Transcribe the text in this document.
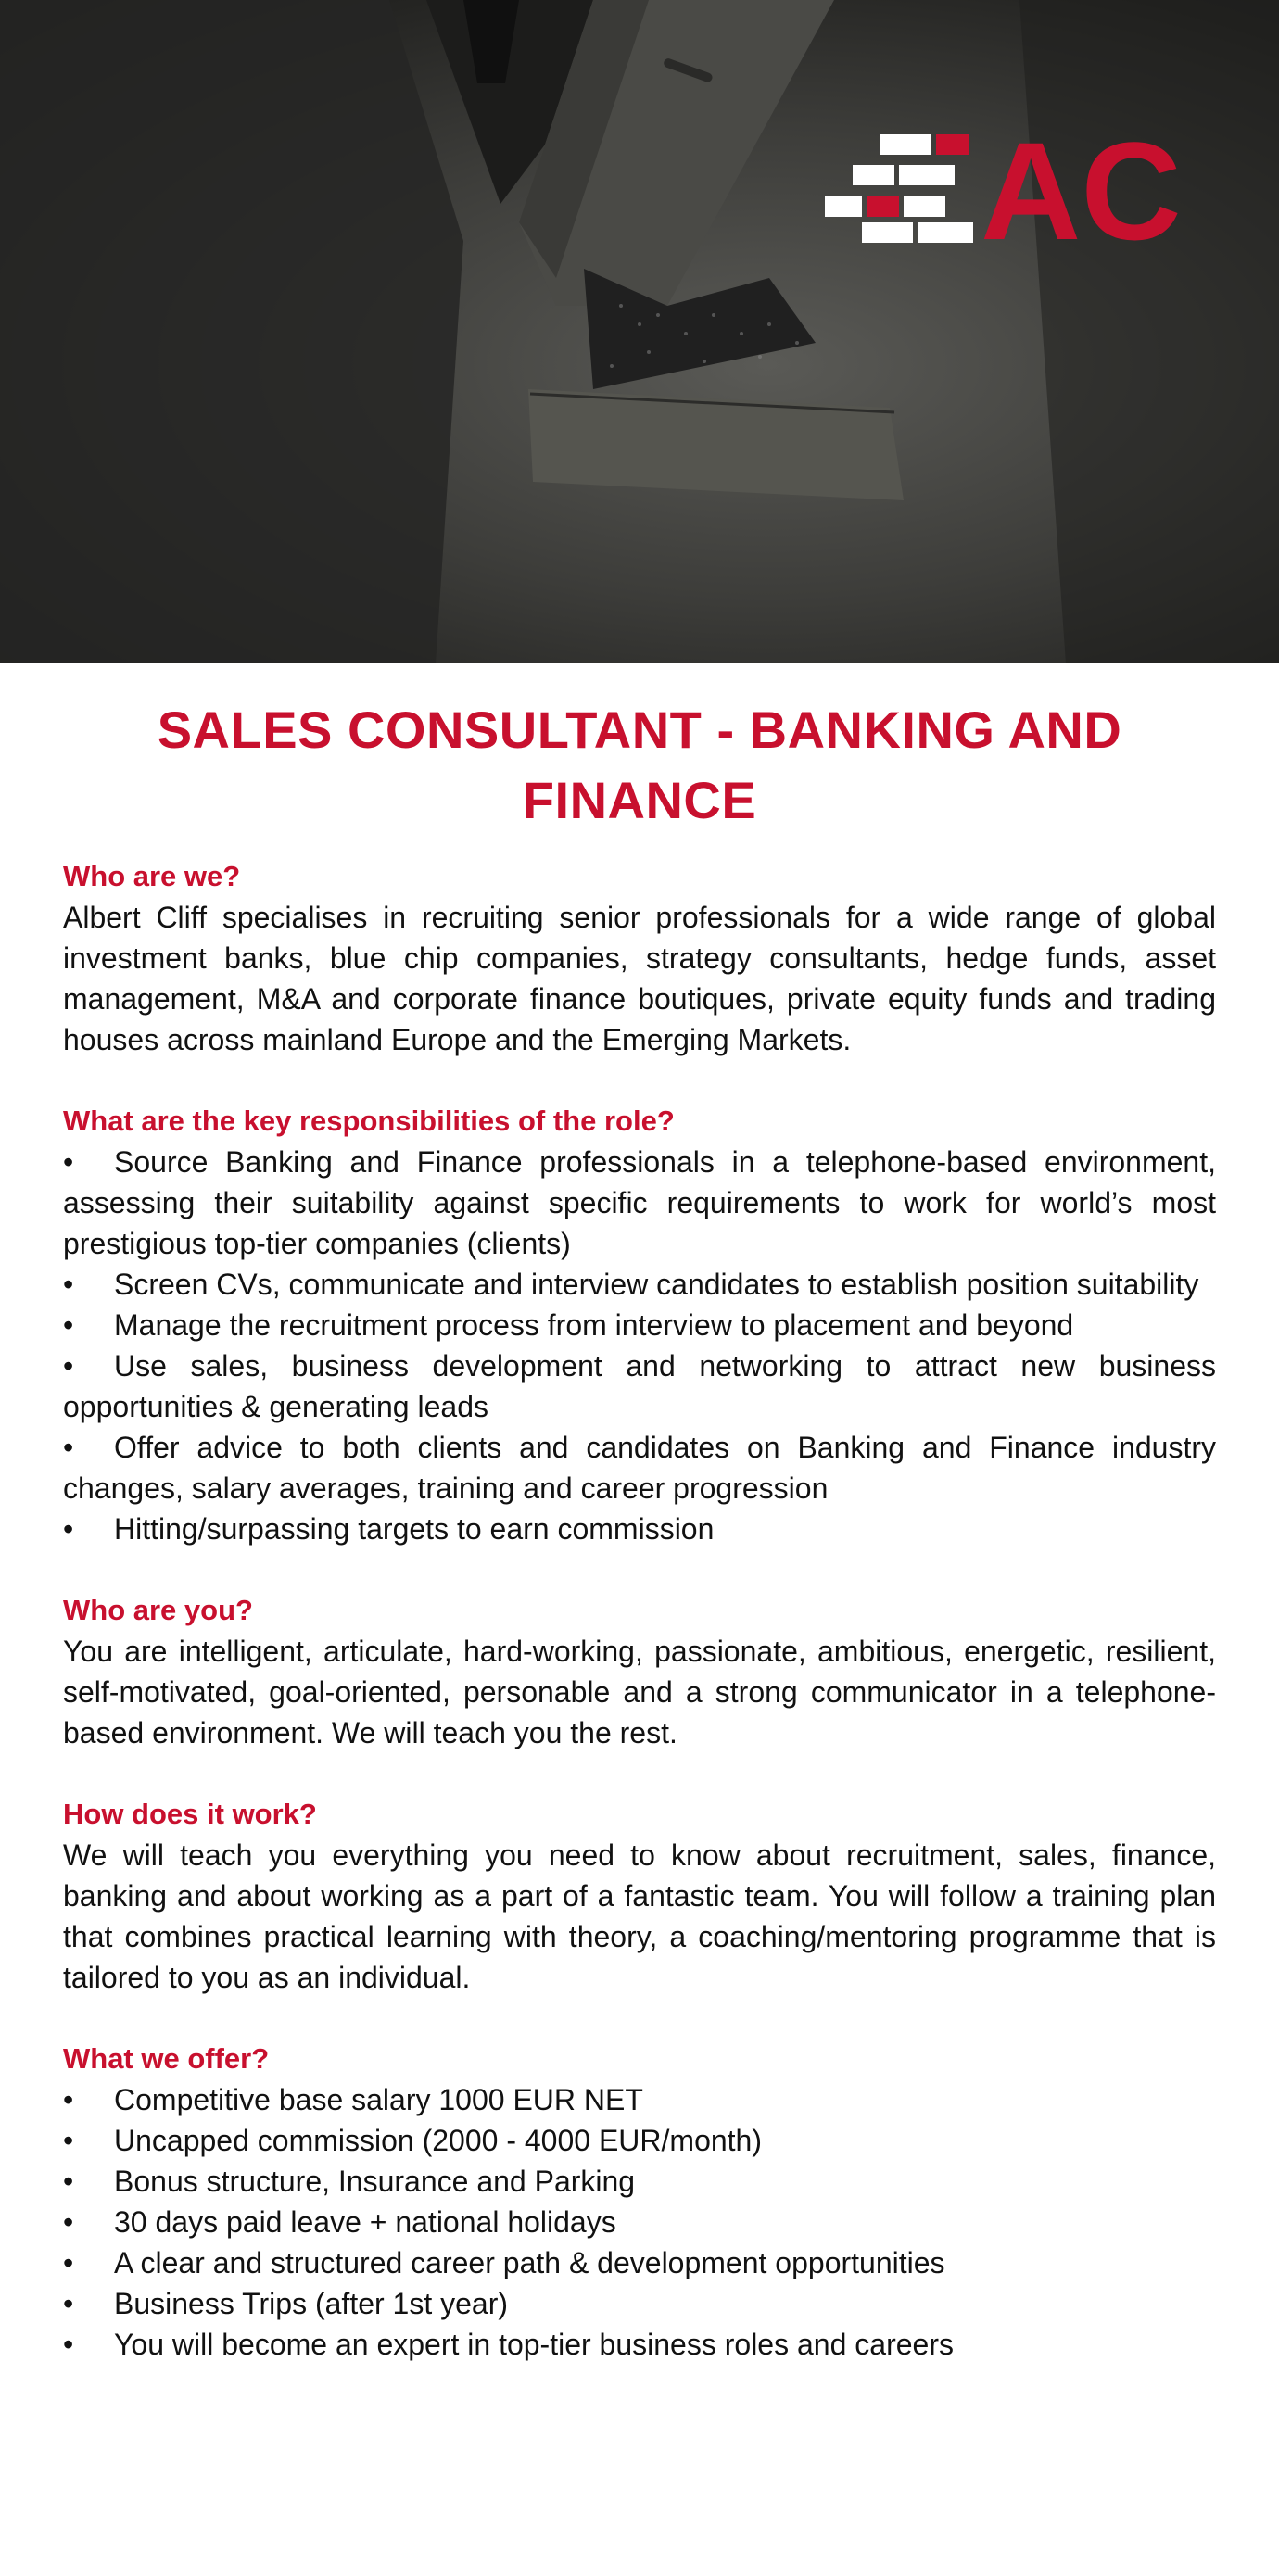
AC
SALES CONSULTANT - BANKING AND FINANCE
Who are we?

Albert Cliff specialises in recruiting senior professionals for a wide range of global investment banks, blue chip companies, strategy consultants, hedge funds, asset management, M&A and corporate finance boutiques, private equity funds and trading houses across mainland Europe and the Emerging Markets.

What are the key responsibilities of the role?
• Source Banking and Finance professionals in a telephone-based environment, assessing their suitability against specific requirements to work for world’s most prestigious top-tier companies (clients)
• Screen CVs, communicate and interview candidates to establish position suitability
• Manage the recruitment process from interview to placement and beyond
• Use sales, business development and networking to attract new business opportunities & generating leads
• Offer advice to both clients and candidates on Banking and Finance industry changes, salary averages, training and career progression
• Hitting/surpassing targets to earn commission
Who are you?

You are intelligent, articulate, hard-working, passionate, ambitious, energetic, resilient, self-motivated, goal-oriented, personable and a strong communicator in a telephone-based environment. We will teach you the rest.

How does it work?

We will teach you everything you need to know about recruitment, sales, finance, banking and about working as a part of a fantastic team. You will follow a training plan that combines practical learning with theory, a coaching/mentoring programme that is tailored to you as an individual.

What we offer?
• Competitive base salary 1000 EUR NET
• Uncapped commission (2000 - 4000 EUR/month)
• Bonus structure, Insurance and Parking
• 30 days paid leave + national holidays
• A clear and structured career path & development opportunities
• Business Trips (after 1st year)
• You will become an expert in top-tier business roles and careers
